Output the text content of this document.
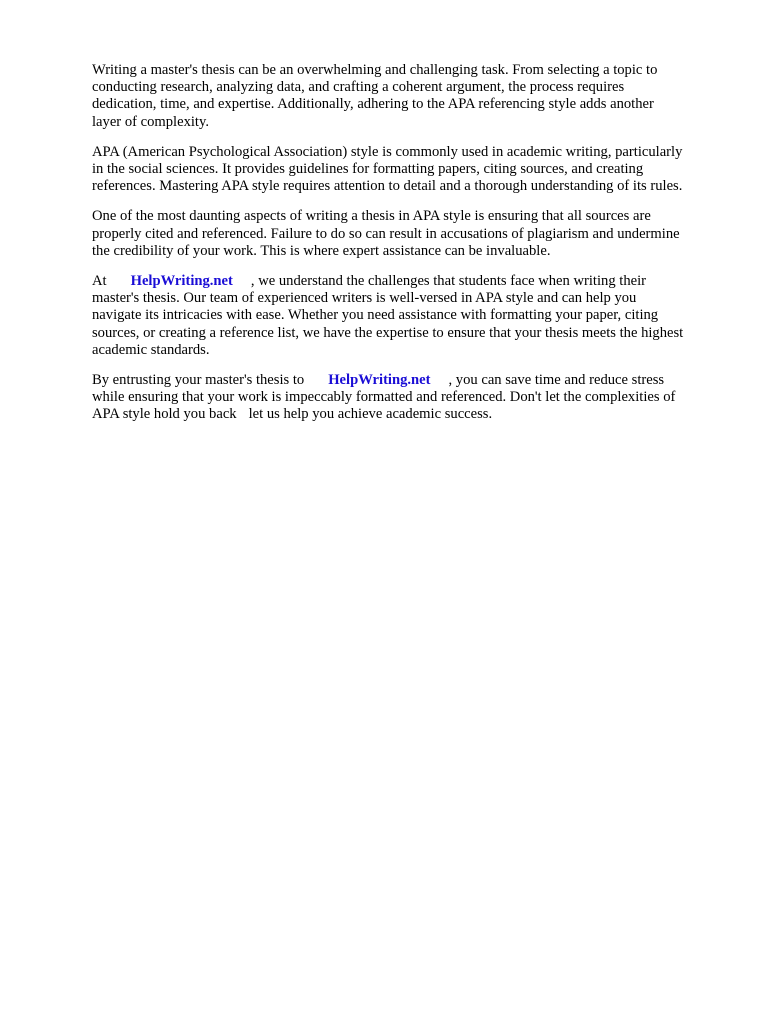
Writing a master's thesis can be an overwhelming and challenging task. From selecting a topic to
conducting research, analyzing data, and crafting a coherent argument, the process requires
dedication, time, and expertise. Additionally, adhering to the APA referencing style adds another
layer of complexity.

APA (American Psychological Association) style is commonly used in academic writing, particularly
in the social sciences. It provides guidelines for formatting papers, citing sources, and creating
references. Mastering APA style requires attention to detail and a thorough understanding of its rules.

One of the most daunting aspects of writing a thesis in APA style is ensuring that all sources are
properly cited and referenced. Failure to do so can result in accusations of plagiarism and undermine
the credibility of your work. This is where expert assistance can be invaluable.

At HelpWriting.net , we understand the challenges that students face when writing their
master's thesis. Our team of experienced writers is well-versed in APA style and can help you
navigate its intricacies with ease. Whether you need assistance with formatting your paper, citing
sources, or creating a reference list, we have the expertise to ensure that your thesis meets the highest
academic standards.

By entrusting your master's thesis to HelpWriting.net , you can save time and reduce stress
while ensuring that your work is impeccably formatted and referenced. Don't let the complexities of
APA style hold you back let us help you achieve academic success.
